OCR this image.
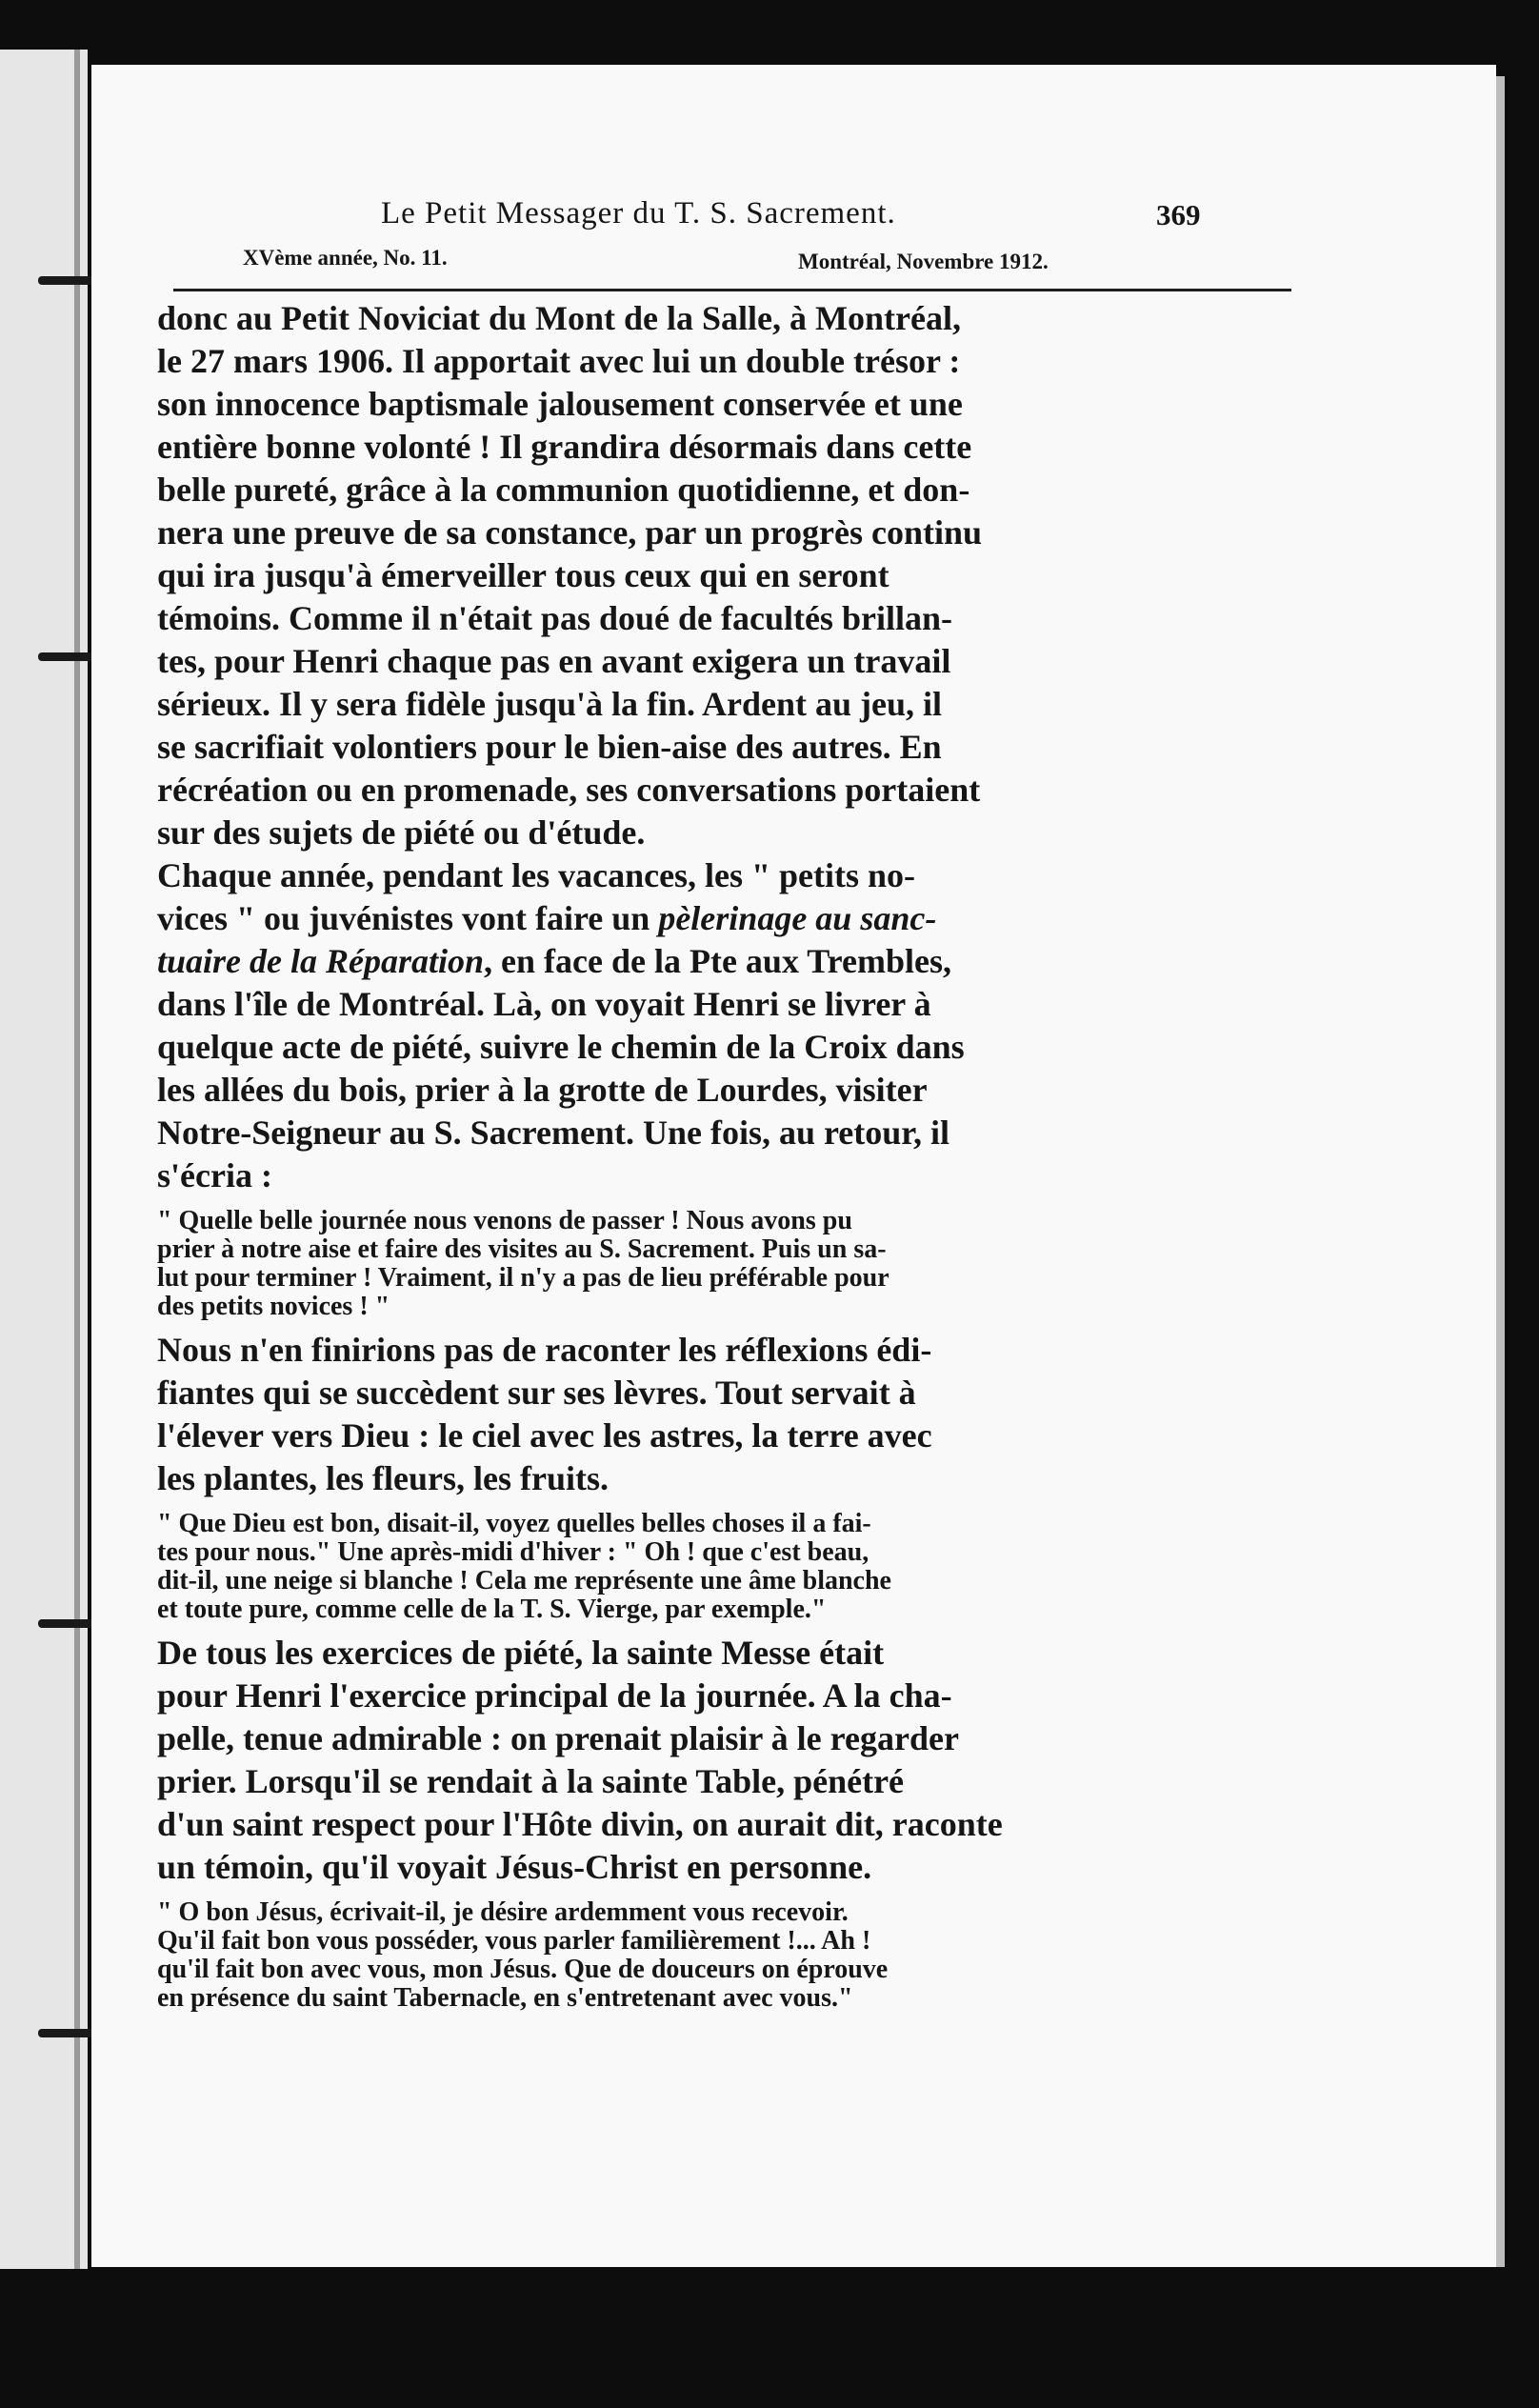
Le Petit Messager du T. S. Sacrement.	369
XVème année, No. 11.	Montréal, Novembre 1912.

donc au Petit Noviciat du Mont de la Salle, à Montréal,
le 27 mars 1906. Il apportait avec lui un double trésor :
son innocence baptismale jalousement conservée et une
entière bonne volonté ! Il grandira désormais dans cette
belle pureté, grâce à la communion quotidienne, et don-
nera une preuve de sa constance, par un progrès continu
qui ira jusqu'à émerveiller tous ceux qui en seront
témoins. Comme il n'était pas doué de facultés brillan-
tes, pour Henri chaque pas en avant exigera un travail
sérieux. Il y sera fidèle jusqu'à la fin. Ardent au jeu, il
se sacrifiait volontiers pour le bien-aise des autres. En
récréation ou en promenade, ses conversations portaient
sur des sujets de piété ou d'étude.

Chaque année, pendant les vacances, les " petits no-
vices " ou juvénistes vont faire un pèlerinage au sanc-
tuaire de la Réparation, en face de la Pte aux Trembles,
dans l'île de Montréal. Là, on voyait Henri se livrer à
quelque acte de piété, suivre le chemin de la Croix dans
les allées du bois, prier à la grotte de Lourdes, visiter
Notre-Seigneur au S. Sacrement. Une fois, au retour, il
s'écria :

" Quelle belle journée nous venons de passer ! Nous avons pu
prier à notre aise et faire des visites au S. Sacrement. Puis un sa-
lut pour terminer ! Vraiment, il n'y a pas de lieu préférable pour
des petits novices ! "

Nous n'en finirions pas de raconter les réflexions édi-
fiantes qui se succèdent sur ses lèvres. Tout servait à
l'élever vers Dieu : le ciel avec les astres, la terre avec
les plantes, les fleurs, les fruits.

" Que Dieu est bon, disait-il, voyez quelles belles choses il a fai-
tes pour nous." Une après-midi d'hiver : " Oh ! que c'est beau,
dit-il, une neige si blanche ! Cela me représente une âme blanche
et toute pure, comme celle de la T. S. Vierge, par exemple."

De tous les exercices de piété, la sainte Messe était
pour Henri l'exercice principal de la journée. A la cha-
pelle, tenue admirable : on prenait plaisir à le regarder
prier. Lorsqu'il se rendait à la sainte Table, pénétré
d'un saint respect pour l'Hôte divin, on aurait dit, raconte
un témoin, qu'il voyait Jésus-Christ en personne.

" O bon Jésus, écrivait-il, je désire ardemment vous recevoir.
Qu'il fait bon vous posséder, vous parler familièrement !... Ah !
qu'il fait bon avec vous, mon Jésus. Que de douceurs on éprouve
en présence du saint Tabernacle, en s'entretenant avec vous."
